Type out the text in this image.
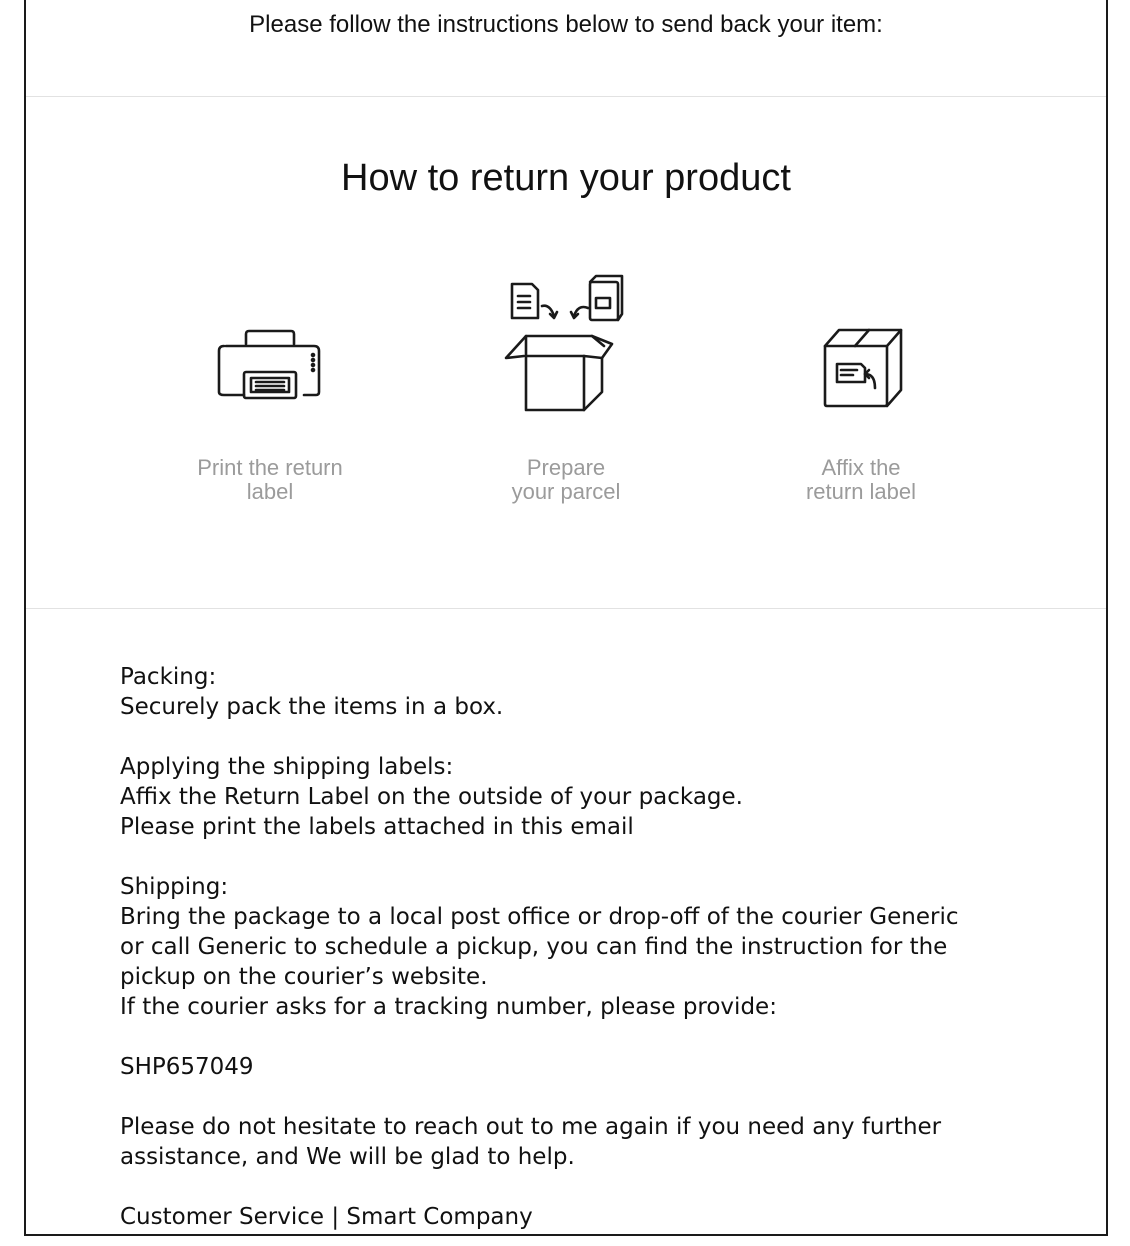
Please follow the instructions below to send back your item:
How to return your product
Print the return
label
Prepare
your parcel
Affix the
return label

Packing:
Securely pack the items in a box.

Applying the shipping labels:
Affix the Return Label on the outside of your package.
Please print the labels attached in this email

Shipping:
Bring the package to a local post office or drop-off of the courier Generic
or call Generic to schedule a pickup, you can find the instruction for the
pickup on the courier’s website.
If the courier asks for a tracking number, please provide:

SHP657049

Please do not hesitate to reach out to me again if you need any further
assistance, and We will be glad to help.

Customer Service | Smart Company
